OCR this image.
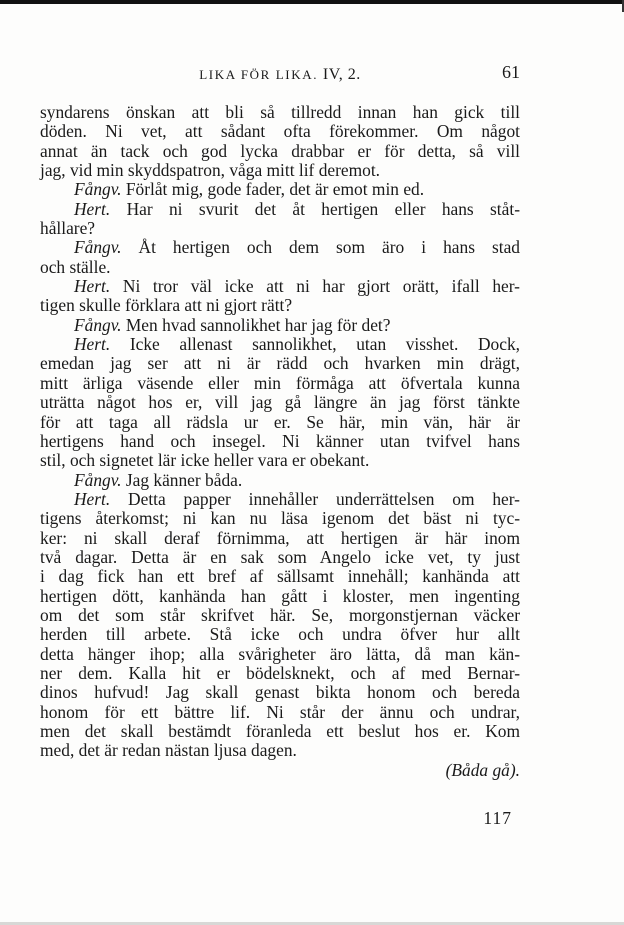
LIKA FÖR LIKA. IV, 2.	61
syndarens önskan att bli så tillredd innan han gick till
döden. Ni vet, att sådant ofta förekommer. Om något
annat än tack och god lycka drabbar er för detta, så vill
jag, vid min skyddspatron, våga mitt lif deremot.
Fångv. Förlåt mig, gode fader, det är emot min ed.
Hert. Har ni svurit det åt hertigen eller hans ståt-
hållare?
Fångv. Åt hertigen och dem som äro i hans stad
och ställe.
Hert. Ni tror väl icke att ni har gjort orätt, ifall her-
tigen skulle förklara att ni gjort rätt?
Fångv. Men hvad sannolikhet har jag för det?
Hert. Icke allenast sannolikhet, utan visshet. Dock,
emedan jag ser att ni är rädd och hvarken min drägt,
mitt ärliga väsende eller min förmåga att öfvertala kunna
uträtta något hos er, vill jag gå längre än jag först tänkte
för att taga all rädsla ur er. Se här, min vän, här är
hertigens hand och insegel. Ni känner utan tvifvel hans
stil, och signetet lär icke heller vara er obekant.
Fångv. Jag känner båda.
Hert. Detta papper innehåller underrättelsen om her-
tigens återkomst; ni kan nu läsa igenom det bäst ni tyc-
ker: ni skall deraf förnimma, att hertigen är här inom
två dagar. Detta är en sak som Angelo icke vet, ty just
i dag fick han ett bref af sällsamt innehåll; kanhända att
hertigen dött, kanhända han gått i kloster, men ingenting
om det som står skrifvet här. Se, morgonstjernan väcker
herden till arbete. Stå icke och undra öfver hur allt
detta hänger ihop; alla svårigheter äro lätta, då man kän-
ner dem. Kalla hit er bödelsknekt, och af med Bernar-
dinos hufvud! Jag skall genast bikta honom och bereda
honom för ett bättre lif. Ni står der ännu och undrar,
men det skall bestämdt föranleda ett beslut hos er. Kom
med, det är redan nästan ljusa dagen.
(Båda gå).
117
